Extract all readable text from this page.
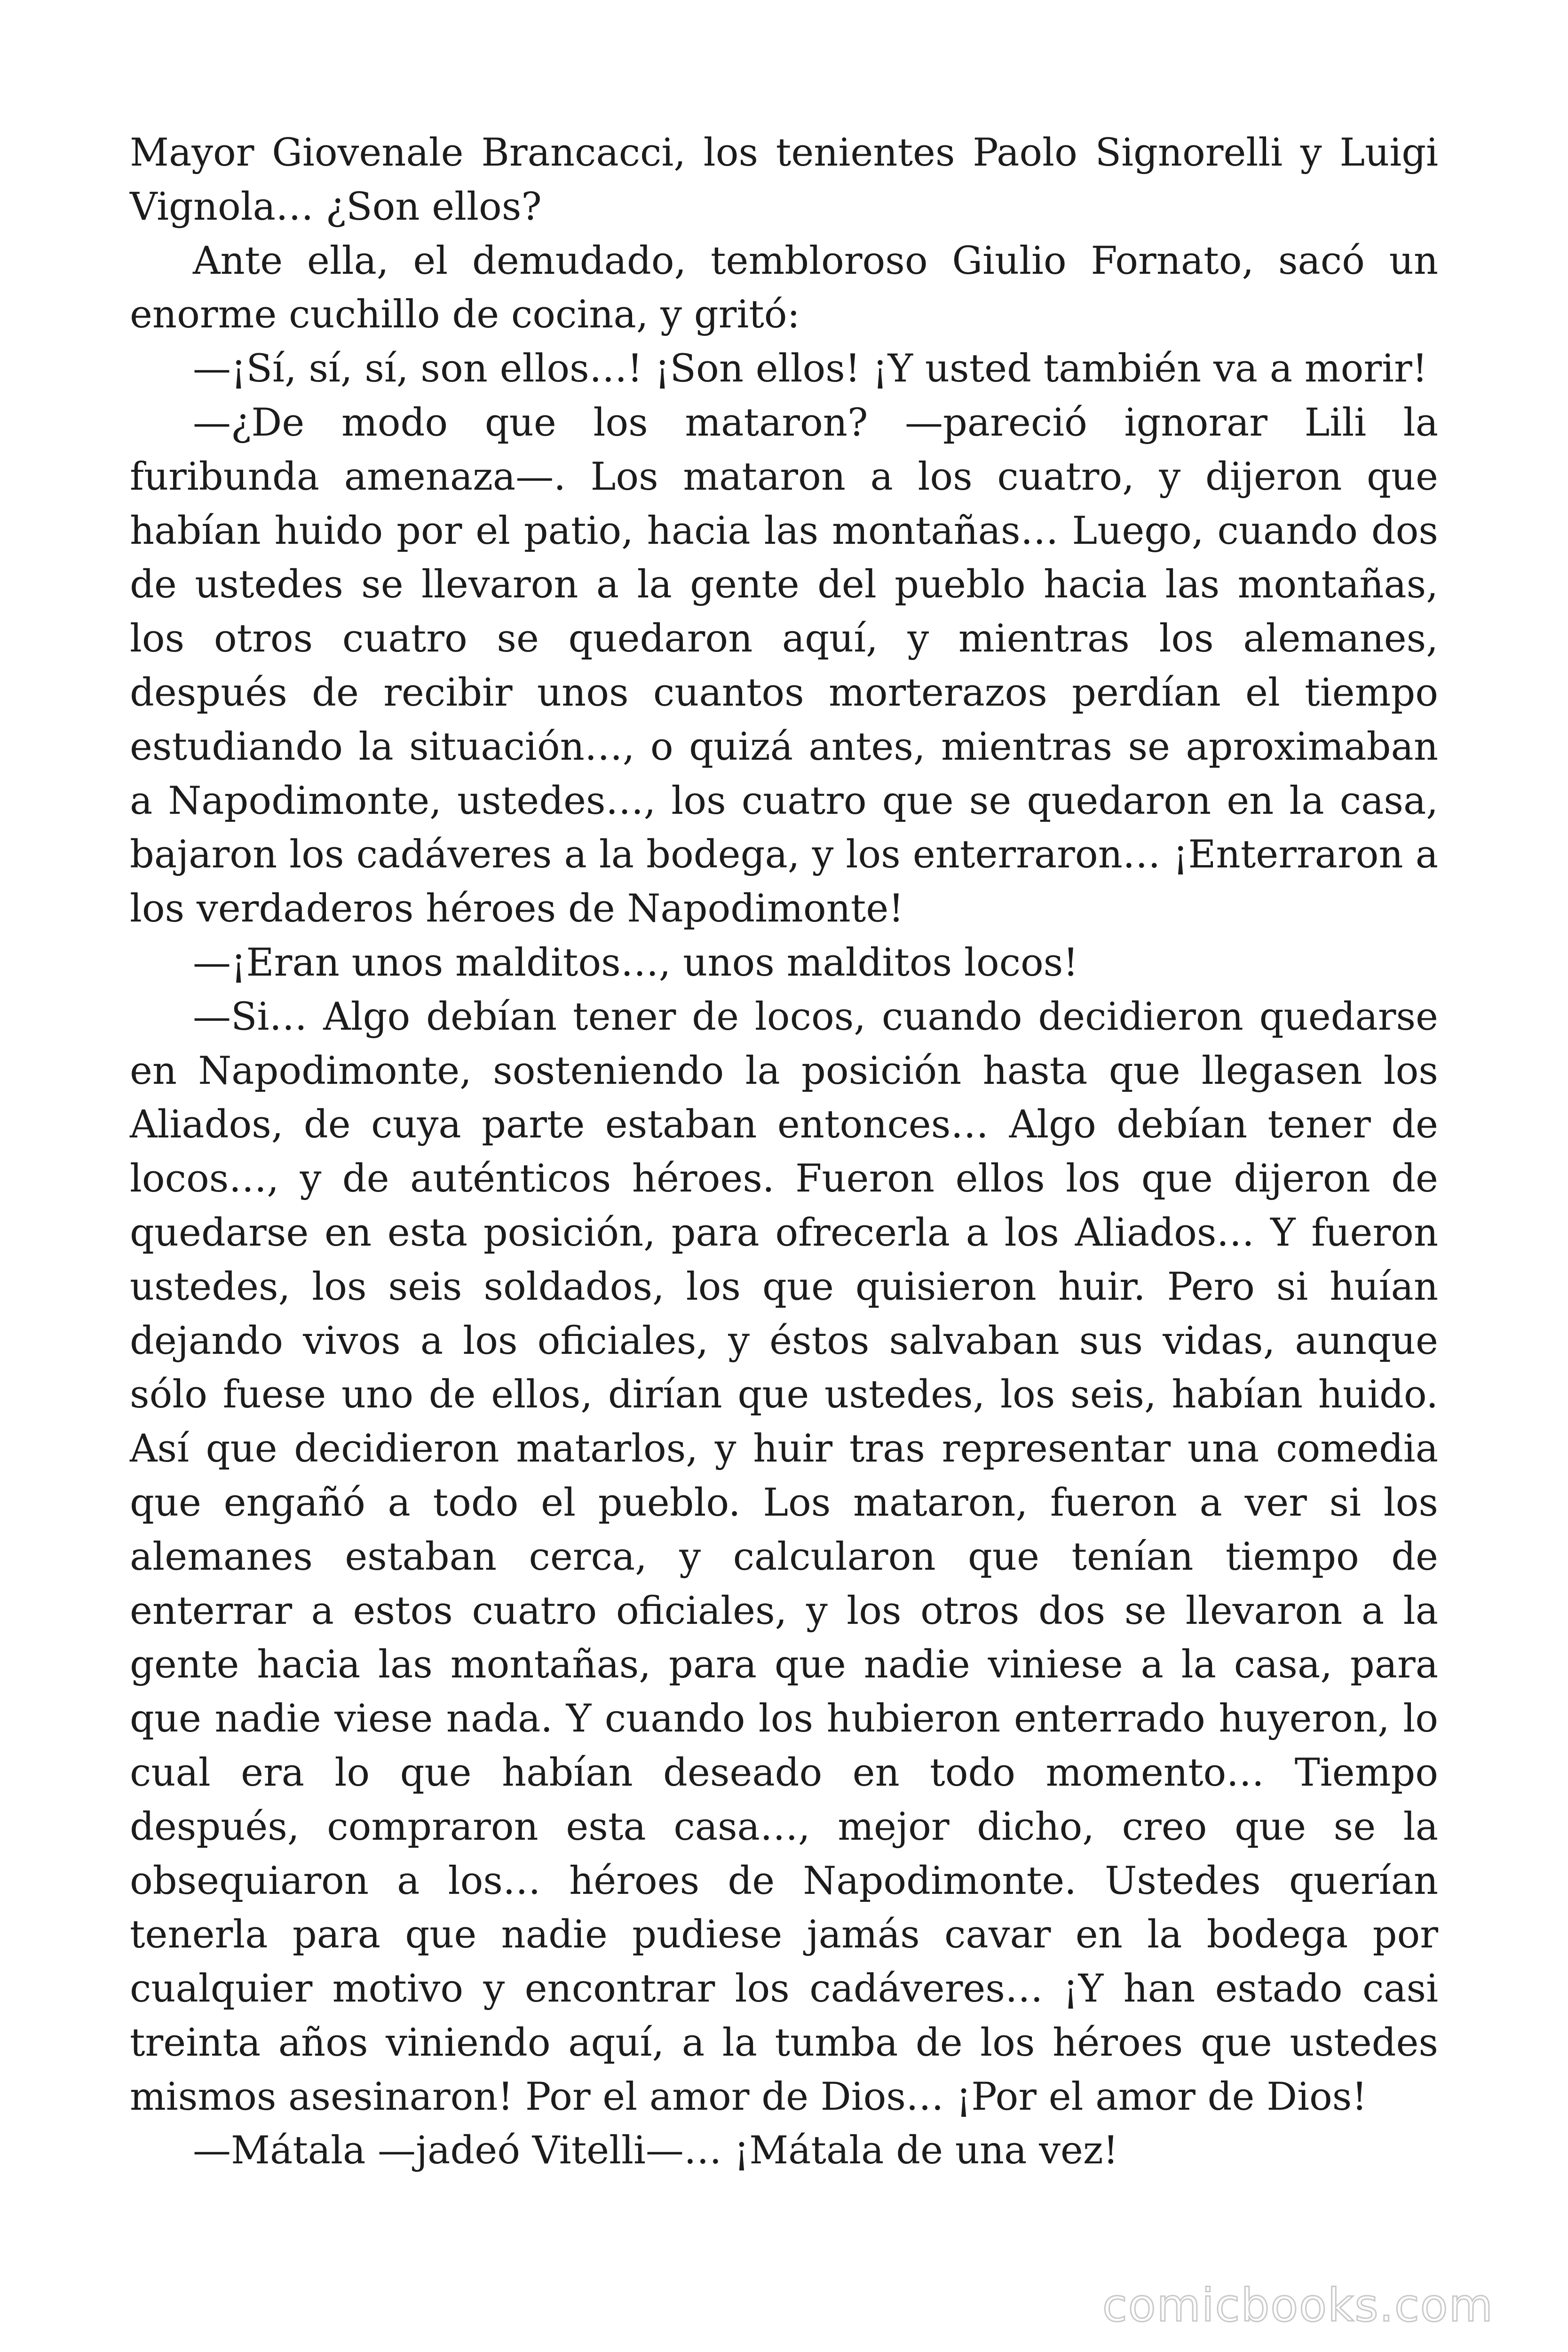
Mayor Giovenale Brancacci, los tenientes Paolo Signorelli y Luigi Vignola… ¿Son ellos?

Ante ella, el demudado, tembloroso Giulio Fornato, sacó un enorme cuchillo de cocina, y gritó:

—¡Sí, sí, sí, son ellos…! ¡Son ellos! ¡Y usted también va a morir!

—¿De modo que los mataron? —pareció ignorar Lili la furibunda amenaza—. Los mataron a los cuatro, y dijeron que habían huido por el patio, hacia las montañas… Luego, cuando dos de ustedes se llevaron a la gente del pueblo hacia las montañas, los otros cuatro se quedaron aquí, y mientras los alemanes, después de recibir unos cuantos morterazos perdían el tiempo estudiando la situación…, o quizá antes, mientras se aproximaban a Napodimonte, ustedes…, los cuatro que se quedaron en la casa, bajaron los cadáveres a la bodega, y los enterraron… ¡Enterraron a los verdaderos héroes de Napodimonte!

—¡Eran unos malditos…, unos malditos locos!

—Si… Algo debían tener de locos, cuando decidieron quedarse en Napodimonte, sosteniendo la posición hasta que llegasen los Aliados, de cuya parte estaban entonces… Algo debían tener de locos…, y de auténticos héroes. Fueron ellos los que dijeron de quedarse en esta posición, para ofrecerla a los Aliados… Y fueron ustedes, los seis soldados, los que quisieron huir. Pero si huían dejando vivos a los oficiales, y éstos salvaban sus vidas, aunque sólo fuese uno de ellos, dirían que ustedes, los seis, habían huido. Así que decidieron matarlos, y huir tras representar una comedia que engañó a todo el pueblo. Los mataron, fueron a ver si los alemanes estaban cerca, y calcularon que tenían tiempo de enterrar a estos cuatro oficiales, y los otros dos se llevaron a la gente hacia las montañas, para que nadie viniese a la casa, para que nadie viese nada. Y cuando los hubieron enterrado huyeron, lo cual era lo que habían deseado en todo momento… Tiempo después, compraron esta casa…, mejor dicho, creo que se la obsequiaron a los… héroes de Napodimonte. Ustedes querían tenerla para que nadie pudiese jamás cavar en la bodega por cualquier motivo y encontrar los cadáveres… ¡Y han estado casi treinta años viniendo aquí, a la tumba de los héroes que ustedes mismos asesinaron! Por el amor de Dios… ¡Por el amor de Dios!

—Mátala —jadeó Vitelli—… ¡Mátala de una vez!

comicbooks.com
